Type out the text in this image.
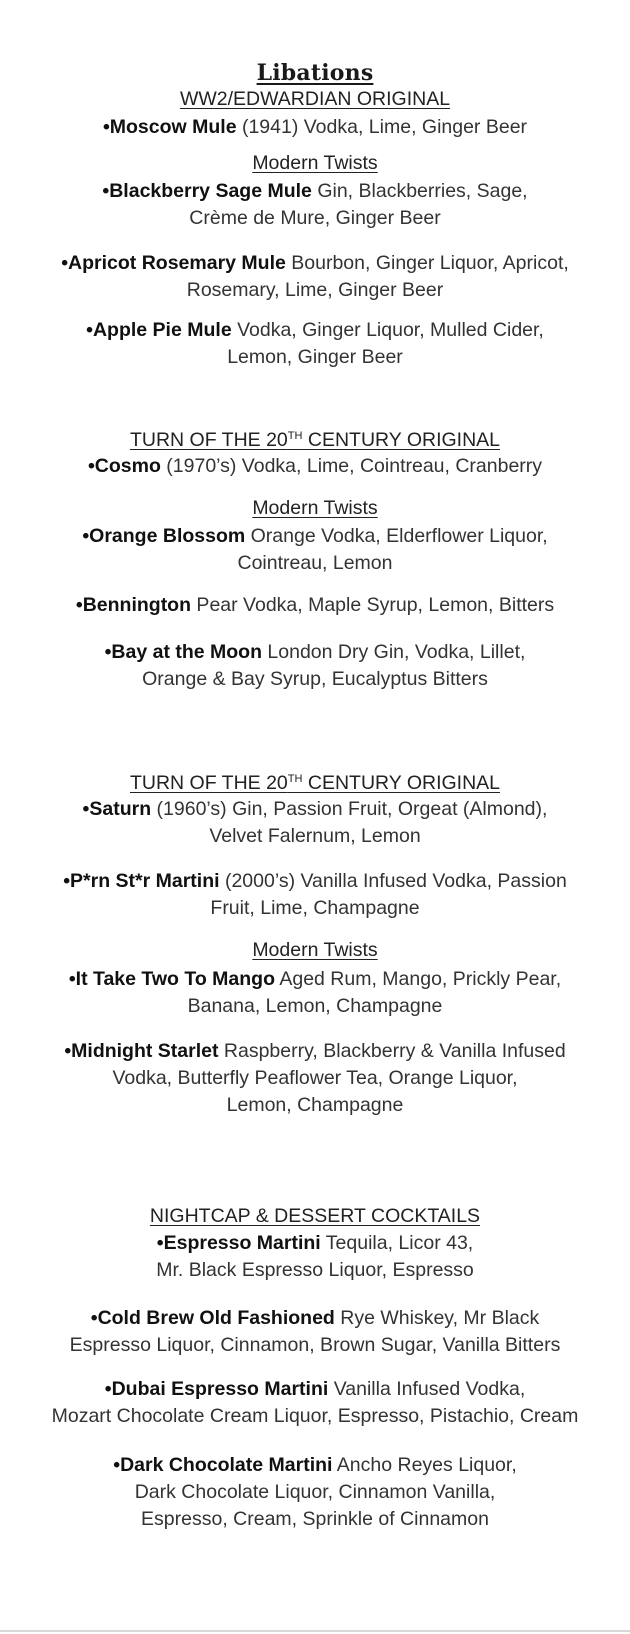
Libations
WW2/EDWARDIAN ORIGINAL
•Moscow Mule (1941) Vodka, Lime, Ginger Beer
Modern Twists
•Blackberry Sage Mule Gin, Blackberries, Sage,
Crème de Mure, Ginger Beer
•Apricot Rosemary Mule Bourbon, Ginger Liquor, Apricot,
Rosemary, Lime, Ginger Beer
•Apple Pie Mule Vodka, Ginger Liquor, Mulled Cider,
Lemon, Ginger Beer
TURN OF THE 20TH CENTURY ORIGINAL
•Cosmo (1970’s) Vodka, Lime, Cointreau, Cranberry
Modern Twists
•Orange Blossom Orange Vodka, Elderflower Liquor,
Cointreau, Lemon
•Bennington Pear Vodka, Maple Syrup, Lemon, Bitters
•Bay at the Moon London Dry Gin, Vodka, Lillet,
Orange & Bay Syrup, Eucalyptus Bitters
TURN OF THE 20TH CENTURY ORIGINAL
•Saturn (1960’s) Gin, Passion Fruit, Orgeat (Almond),
Velvet Falernum, Lemon
•P*rn St*r Martini (2000’s) Vanilla Infused Vodka, Passion
Fruit, Lime, Champagne
Modern Twists
•It Take Two To Mango Aged Rum, Mango, Prickly Pear,
Banana, Lemon, Champagne
•Midnight Starlet Raspberry, Blackberry & Vanilla Infused
Vodka, Butterfly Peaflower Tea, Orange Liquor,
Lemon, Champagne
NIGHTCAP & DESSERT COCKTAILS
•Espresso Martini Tequila, Licor 43,
Mr. Black Espresso Liquor, Espresso
•Cold Brew Old Fashioned Rye Whiskey, Mr Black
Espresso Liquor, Cinnamon, Brown Sugar, Vanilla Bitters
•Dubai Espresso Martini Vanilla Infused Vodka,
Mozart Chocolate Cream Liquor, Espresso, Pistachio, Cream
•Dark Chocolate Martini Ancho Reyes Liquor,
Dark Chocolate Liquor, Cinnamon Vanilla,
Espresso, Cream, Sprinkle of Cinnamon
